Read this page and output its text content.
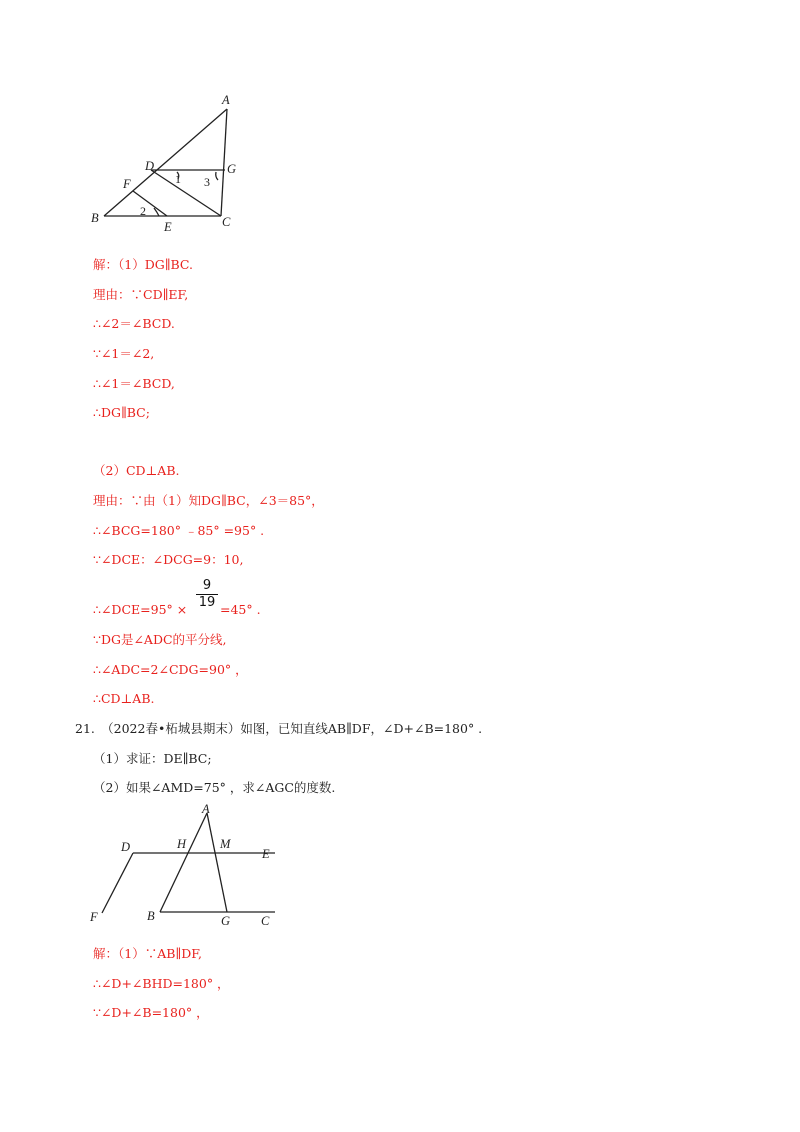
A
D	G
F
B
E	C
1 3
2
解：（1）DG∥BC.
理由：∵CD∥EF,
∴∠2＝∠BCD.
∵∠1＝∠2,
∴∠1＝∠BCD,
∴DG∥BC;
（2）CD⊥AB.
理由：∵由（1）知DG∥BC，∠3＝85°，
∴∠BCG=180° ﹣85° =95° .
∵∠DCE：∠DCG=9：10,
∴∠DCE=95° ×
9
19 =45° .
∵DG是∠ADC的平分线,
∴∠ADC=2∠CDG=90° ，
∴CD⊥AB.
21.　（2022春•柘城县期末）如图，已知直线AB∥DF，∠D+∠B=180° .
（1）求证：DE∥BC;
（2）如果∠AMD=75° ，求∠AGC的度数.
A
D	H	M
E
F	B	G C
解：（1）∵AB∥DF,
∴∠D+∠BHD=180° ，
∵∠D+∠B=180° ，
